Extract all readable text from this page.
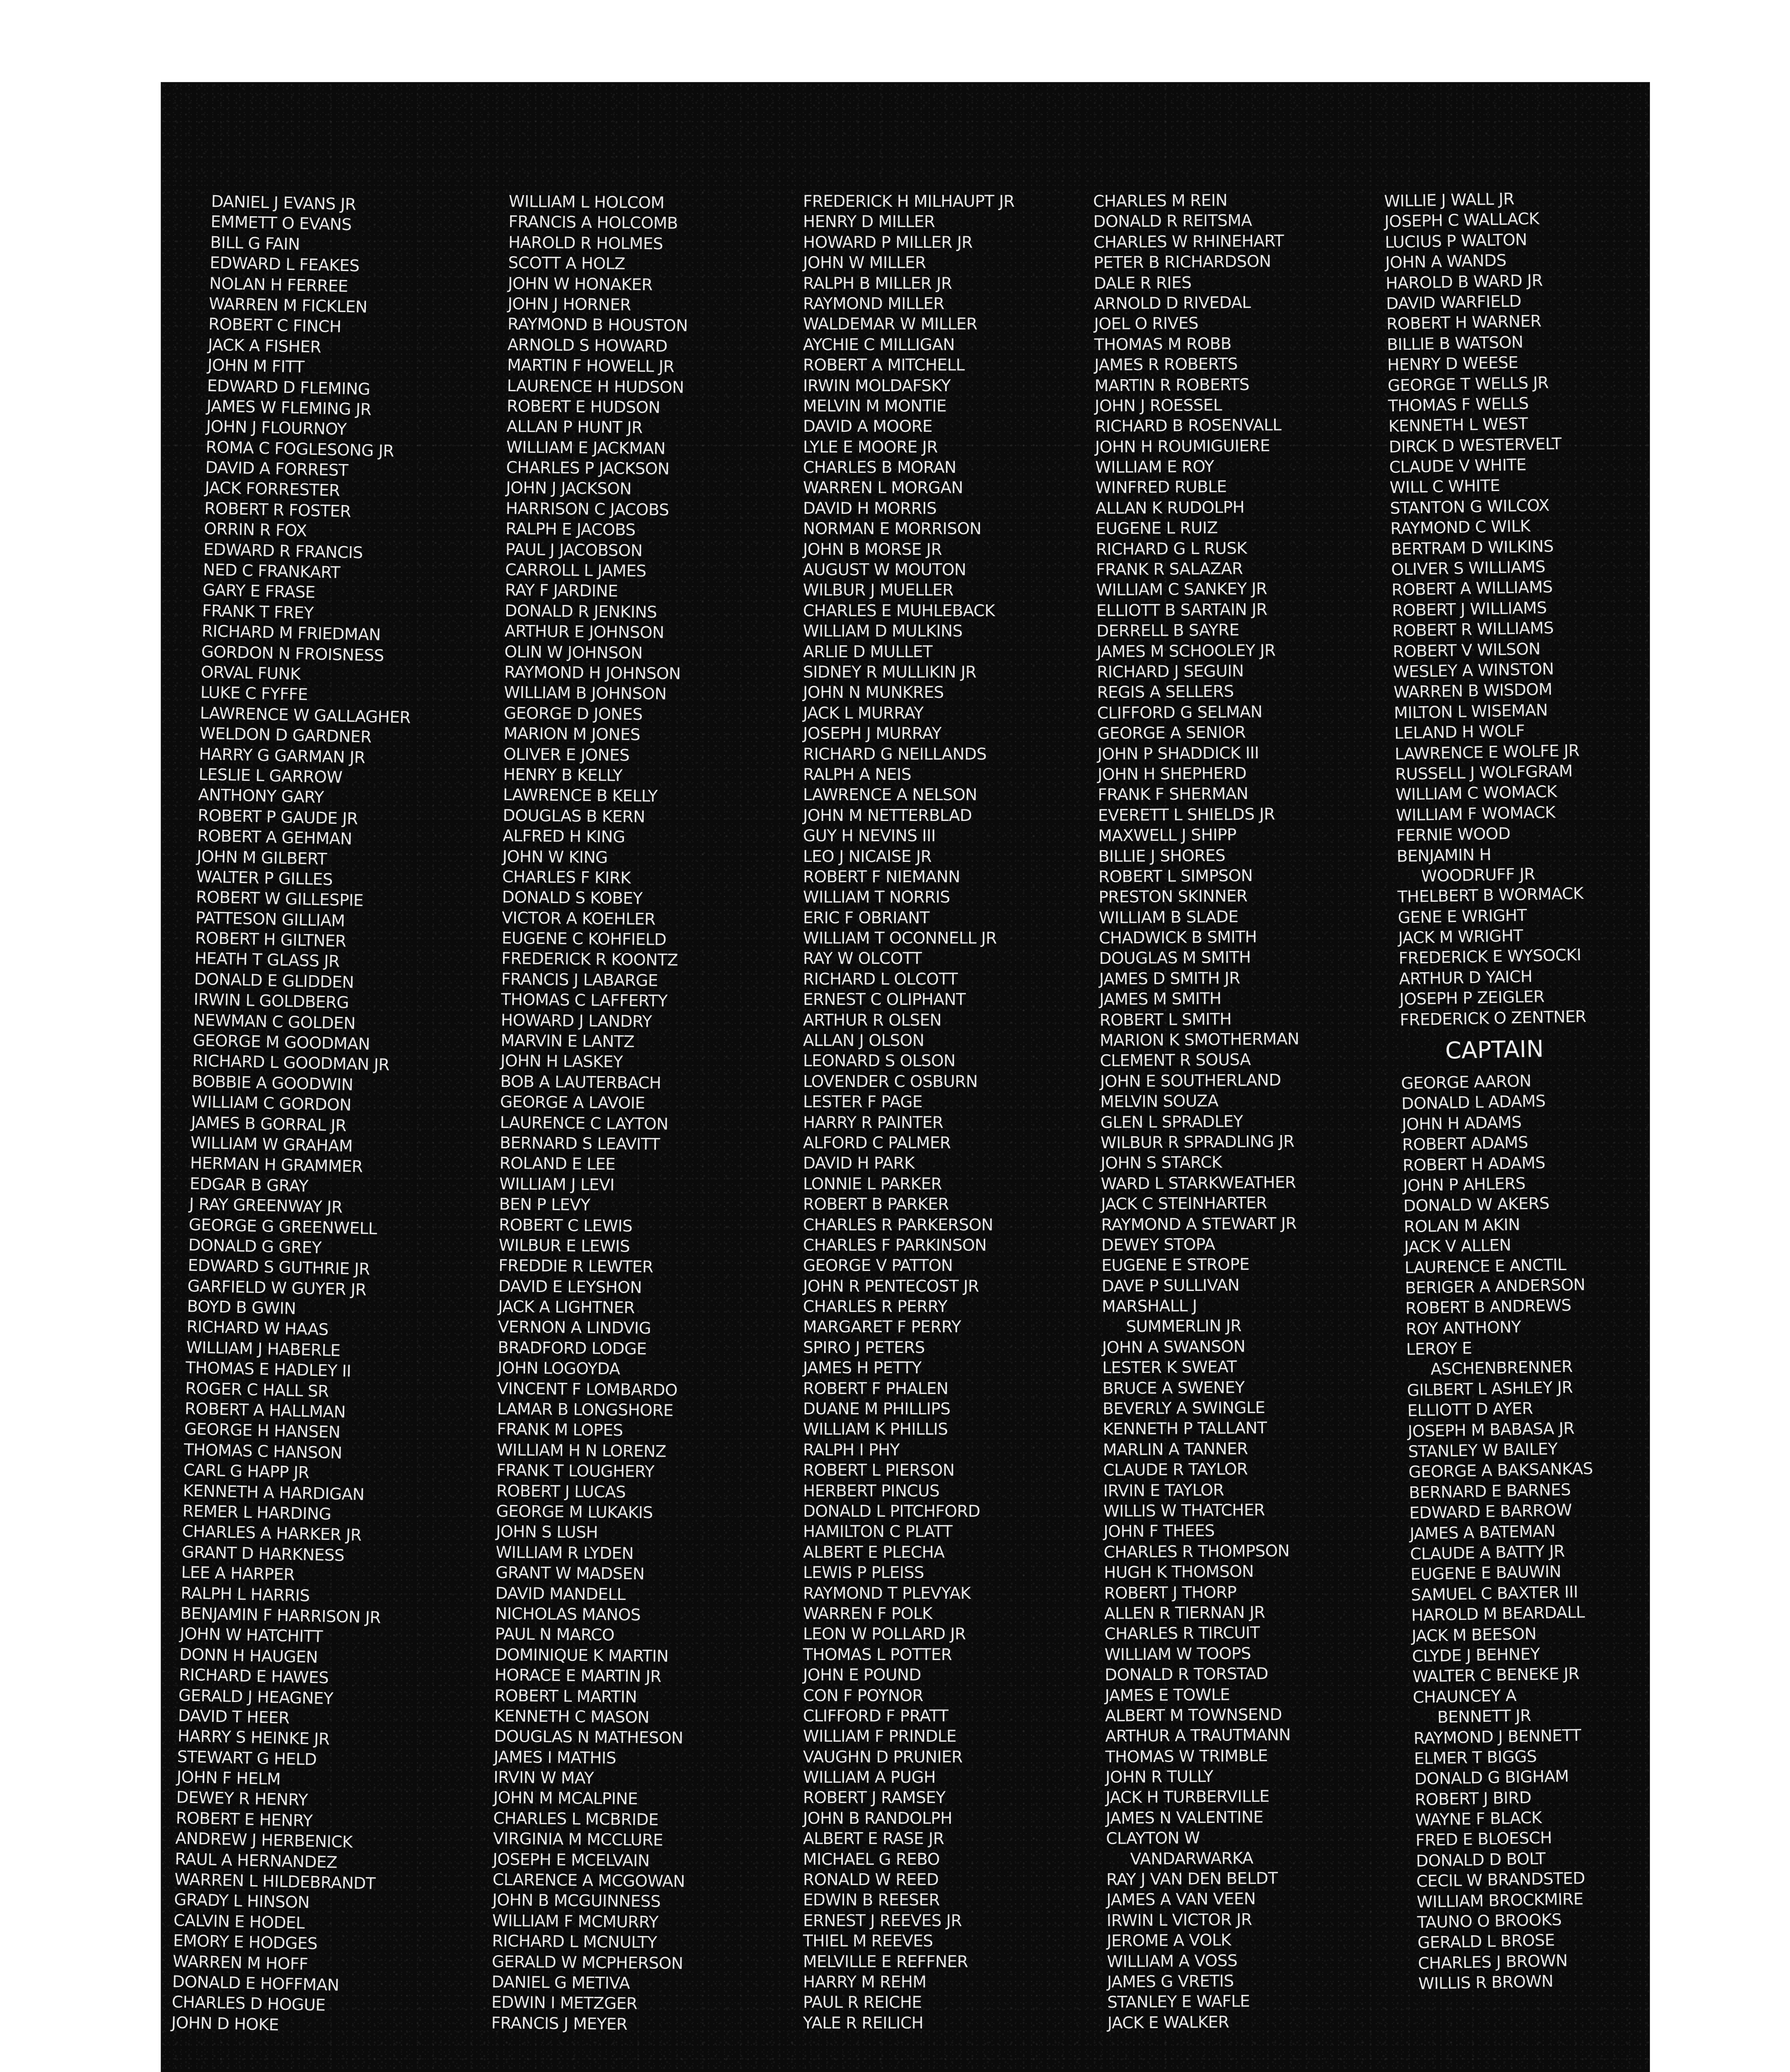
DANIEL J EVANS JR
EMMETT O EVANS
BILL G FAIN
EDWARD L FEAKES
NOLAN H FERREE
WARREN M FICKLEN
ROBERT C FINCH
JACK A FISHER
JOHN M FITT
EDWARD D FLEMING
JAMES W FLEMING JR
JOHN J FLOURNOY
ROMA C FOGLESONG JR
DAVID A FORREST
JACK FORRESTER
ROBERT R FOSTER
ORRIN R FOX
EDWARD R FRANCIS
NED C FRANKART
GARY E FRASE
FRANK T FREY
RICHARD M FRIEDMAN
GORDON N FROISNESS
ORVAL FUNK
LUKE C FYFFE
LAWRENCE W GALLAGHER
WELDON D GARDNER
HARRY G GARMAN JR
LESLIE L GARROW
ANTHONY GARY
ROBERT P GAUDE JR
ROBERT A GEHMAN
JOHN M GILBERT
WALTER P GILLES
ROBERT W GILLESPIE
PATTESON GILLIAM
ROBERT H GILTNER
HEATH T GLASS JR
DONALD E GLIDDEN
IRWIN L GOLDBERG
NEWMAN C GOLDEN
GEORGE M GOODMAN
RICHARD L GOODMAN JR
BOBBIE A GOODWIN
WILLIAM C GORDON
JAMES B GORRAL JR
WILLIAM W GRAHAM
HERMAN H GRAMMER
EDGAR B GRAY
J RAY GREENWAY JR
GEORGE G GREENWELL
DONALD G GREY
EDWARD S GUTHRIE JR
GARFIELD W GUYER JR
BOYD B GWIN
RICHARD W HAAS
WILLIAM J HABERLE
THOMAS E HADLEY II
ROGER C HALL SR
ROBERT A HALLMAN
GEORGE H HANSEN
THOMAS C HANSON
CARL G HAPP JR
KENNETH A HARDIGAN
REMER L HARDING
CHARLES A HARKER JR
GRANT D HARKNESS
LEE A HARPER
RALPH L HARRIS
BENJAMIN F HARRISON JR
JOHN W HATCHITT
DONN H HAUGEN
RICHARD E HAWES
GERALD J HEAGNEY
DAVID T HEER
HARRY S HEINKE JR
STEWART G HELD
JOHN F HELM
DEWEY R HENRY
ROBERT E HENRY
ANDREW J HERBENICK
RAUL A HERNANDEZ
WARREN L HILDEBRANDT
GRADY L HINSON
CALVIN E HODEL
EMORY E HODGES
WARREN M HOFF
DONALD E HOFFMAN
CHARLES D HOGUE
JOHN D HOKE
WILLIAM L HOLCOM
FRANCIS A HOLCOMB
HAROLD R HOLMES
SCOTT A HOLZ
JOHN W HONAKER
JOHN J HORNER
RAYMOND B HOUSTON
ARNOLD S HOWARD
MARTIN F HOWELL JR
LAURENCE H HUDSON
ROBERT E HUDSON
ALLAN P HUNT JR
WILLIAM E JACKMAN
CHARLES P JACKSON
JOHN J JACKSON
HARRISON C JACOBS
RALPH E JACOBS
PAUL J JACOBSON
CARROLL L JAMES
RAY F JARDINE
DONALD R JENKINS
ARTHUR E JOHNSON
OLIN W JOHNSON
RAYMOND H JOHNSON
WILLIAM B JOHNSON
GEORGE D JONES
MARION M JONES
OLIVER E JONES
HENRY B KELLY
LAWRENCE B KELLY
DOUGLAS B KERN
ALFRED H KING
JOHN W KING
CHARLES F KIRK
DONALD S KOBEY
VICTOR A KOEHLER
EUGENE C KOHFIELD
FREDERICK R KOONTZ
FRANCIS J LABARGE
THOMAS C LAFFERTY
HOWARD J LANDRY
MARVIN E LANTZ
JOHN H LASKEY
BOB A LAUTERBACH
GEORGE A LAVOIE
LAURENCE C LAYTON
BERNARD S LEAVITT
ROLAND E LEE
WILLIAM J LEVI
BEN P LEVY
ROBERT C LEWIS
WILBUR E LEWIS
FREDDIE R LEWTER
DAVID E LEYSHON
JACK A LIGHTNER
VERNON A LINDVIG
BRADFORD LODGE
JOHN LOGOYDA
VINCENT F LOMBARDO
LAMAR B LONGSHORE
FRANK M LOPES
WILLIAM H N LORENZ
FRANK T LOUGHERY
ROBERT J LUCAS
GEORGE M LUKAKIS
JOHN S LUSH
WILLIAM R LYDEN
GRANT W MADSEN
DAVID MANDELL
NICHOLAS MANOS
PAUL N MARCO
DOMINIQUE K MARTIN
HORACE E MARTIN JR
ROBERT L MARTIN
KENNETH C MASON
DOUGLAS N MATHESON
JAMES I MATHIS
IRVIN W MAY
JOHN M MCALPINE
CHARLES L MCBRIDE
VIRGINIA M MCCLURE
JOSEPH E MCELVAIN
CLARENCE A MCGOWAN
JOHN B MCGUINNESS
WILLIAM F MCMURRY
RICHARD L MCNULTY
GERALD W MCPHERSON
DANIEL G METIVA
EDWIN I METZGER
FRANCIS J MEYER
FREDERICK H MILHAUPT JR
HENRY D MILLER
HOWARD P MILLER JR
JOHN W MILLER
RALPH B MILLER JR
RAYMOND MILLER
WALDEMAR W MILLER
AYCHIE C MILLIGAN
ROBERT A MITCHELL
IRWIN MOLDAFSKY
MELVIN M MONTIE
DAVID A MOORE
LYLE E MOORE JR
CHARLES B MORAN
WARREN L MORGAN
DAVID H MORRIS
NORMAN E MORRISON
JOHN B MORSE JR
AUGUST W MOUTON
WILBUR J MUELLER
CHARLES E MUHLEBACK
WILLIAM D MULKINS
ARLIE D MULLET
SIDNEY R MULLIKIN JR
JOHN N MUNKRES
JACK L MURRAY
JOSEPH J MURRAY
RICHARD G NEILLANDS
RALPH A NEIS
LAWRENCE A NELSON
JOHN M NETTERBLAD
GUY H NEVINS III
LEO J NICAISE JR
ROBERT F NIEMANN
WILLIAM T NORRIS
ERIC F OBRIANT
WILLIAM T OCONNELL JR
RAY W OLCOTT
RICHARD L OLCOTT
ERNEST C OLIPHANT
ARTHUR R OLSEN
ALLAN J OLSON
LEONARD S OLSON
LOVENDER C OSBURN
LESTER F PAGE
HARRY R PAINTER
ALFORD C PALMER
DAVID H PARK
LONNIE L PARKER
ROBERT B PARKER
CHARLES R PARKERSON
CHARLES F PARKINSON
GEORGE V PATTON
JOHN R PENTECOST JR
CHARLES R PERRY
MARGARET F PERRY
SPIRO J PETERS
JAMES H PETTY
ROBERT F PHALEN
DUANE M PHILLIPS
WILLIAM K PHILLIS
RALPH I PHY
ROBERT L PIERSON
HERBERT PINCUS
DONALD L PITCHFORD
HAMILTON C PLATT
ALBERT E PLECHA
LEWIS P PLEISS
RAYMOND T PLEVYAK
WARREN F POLK
LEON W POLLARD JR
THOMAS L POTTER
JOHN E POUND
CON F POYNOR
CLIFFORD F PRATT
WILLIAM F PRINDLE
VAUGHN D PRUNIER
WILLIAM A PUGH
ROBERT J RAMSEY
JOHN B RANDOLPH
ALBERT E RASE JR
MICHAEL G REBO
RONALD W REED
EDWIN B REESER
ERNEST J REEVES JR
THIEL M REEVES
MELVILLE E REFFNER
HARRY M REHM
PAUL R REICHE
YALE R REILICH
CHARLES M REIN
DONALD R REITSMA
CHARLES W RHINEHART
PETER B RICHARDSON
DALE R RIES
ARNOLD D RIVEDAL
JOEL O RIVES
THOMAS M ROBB
JAMES R ROBERTS
MARTIN R ROBERTS
JOHN J ROESSEL
RICHARD B ROSENVALL
JOHN H ROUMIGUIERE
WILLIAM E ROY
WINFRED RUBLE
ALLAN K RUDOLPH
EUGENE L RUIZ
RICHARD G L RUSK
FRANK R SALAZAR
WILLIAM C SANKEY JR
ELLIOTT B SARTAIN JR
DERRELL B SAYRE
JAMES M SCHOOLEY JR
RICHARD J SEGUIN
REGIS A SELLERS
CLIFFORD G SELMAN
GEORGE A SENIOR
JOHN P SHADDICK III
JOHN H SHEPHERD
FRANK F SHERMAN
EVERETT L SHIELDS JR
MAXWELL J SHIPP
BILLIE J SHORES
ROBERT L SIMPSON
PRESTON SKINNER
WILLIAM B SLADE
CHADWICK B SMITH
DOUGLAS M SMITH
JAMES D SMITH JR
JAMES M SMITH
ROBERT L SMITH
MARION K SMOTHERMAN
CLEMENT R SOUSA
JOHN E SOUTHERLAND
MELVIN SOUZA
GLEN L SPRADLEY
WILBUR R SPRADLING JR
JOHN S STARCK
WARD L STARKWEATHER
JACK C STEINHARTER
RAYMOND A STEWART JR
DEWEY STOPA
EUGENE E STROPE
DAVE P SULLIVAN
MARSHALL J
SUMMERLIN JR
JOHN A SWANSON
LESTER K SWEAT
BRUCE A SWENEY
BEVERLY A SWINGLE
KENNETH P TALLANT
MARLIN A TANNER
CLAUDE R TAYLOR
IRVIN E TAYLOR
WILLIS W THATCHER
JOHN F THEES
CHARLES R THOMPSON
HUGH K THOMSON
ROBERT J THORP
ALLEN R TIERNAN JR
CHARLES R TIRCUIT
WILLIAM W TOOPS
DONALD R TORSTAD
JAMES E TOWLE
ALBERT M TOWNSEND
ARTHUR A TRAUTMANN
THOMAS W TRIMBLE
JOHN R TULLY
JACK H TURBERVILLE
JAMES N VALENTINE
CLAYTON W
VANDARWARKA
RAY J VAN DEN BELDT
JAMES A VAN VEEN
IRWIN L VICTOR JR
JEROME A VOLK
WILLIAM A VOSS
JAMES G VRETIS
STANLEY E WAFLE
JACK E WALKER
WILLIE J WALL JR
JOSEPH C WALLACK
LUCIUS P WALTON
JOHN A WANDS
HAROLD B WARD JR
DAVID WARFIELD
ROBERT H WARNER
BILLIE B WATSON
HENRY D WEESE
GEORGE T WELLS JR
THOMAS F WELLS
KENNETH L WEST
DIRCK D WESTERVELT
CLAUDE V WHITE
WILL C WHITE
STANTON G WILCOX
RAYMOND C WILK
BERTRAM D WILKINS
OLIVER S WILLIAMS
ROBERT A WILLIAMS
ROBERT J WILLIAMS
ROBERT R WILLIAMS
ROBERT V WILSON
WESLEY A WINSTON
WARREN B WISDOM
MILTON L WISEMAN
LELAND H WOLF
LAWRENCE E WOLFE JR
RUSSELL J WOLFGRAM
WILLIAM C WOMACK
WILLIAM F WOMACK
FERNIE WOOD
BENJAMIN H
WOODRUFF JR
THELBERT B WORMACK
GENE E WRIGHT
JACK M WRIGHT
FREDERICK E WYSOCKI
ARTHUR D YAICH
JOSEPH P ZEIGLER
FREDERICK O ZENTNER
CAPTAIN
GEORGE AARON
DONALD L ADAMS
JOHN H ADAMS
ROBERT ADAMS
ROBERT H ADAMS
JOHN P AHLERS
DONALD W AKERS
ROLAN M AKIN
JACK V ALLEN
LAURENCE E ANCTIL
BERIGER A ANDERSON
ROBERT B ANDREWS
ROY ANTHONY
LEROY E
ASCHENBRENNER
GILBERT L ASHLEY JR
ELLIOTT D AYER
JOSEPH M BABASA JR
STANLEY W BAILEY
GEORGE A BAKSANKAS
BERNARD E BARNES
EDWARD E BARROW
JAMES A BATEMAN
CLAUDE A BATTY JR
EUGENE E BAUWIN
SAMUEL C BAXTER III
HAROLD M BEARDALL
JACK M BEESON
CLYDE J BEHNEY
WALTER C BENEKE JR
CHAUNCEY A
BENNETT JR
RAYMOND J BENNETT
ELMER T BIGGS
DONALD G BIGHAM
ROBERT J BIRD
WAYNE F BLACK
FRED E BLOESCH
DONALD D BOLT
CECIL W BRANDSTED
WILLIAM BROCKMIRE
TAUNO O BROOKS
GERALD L BROSE
CHARLES J BROWN
WILLIS R BROWN
